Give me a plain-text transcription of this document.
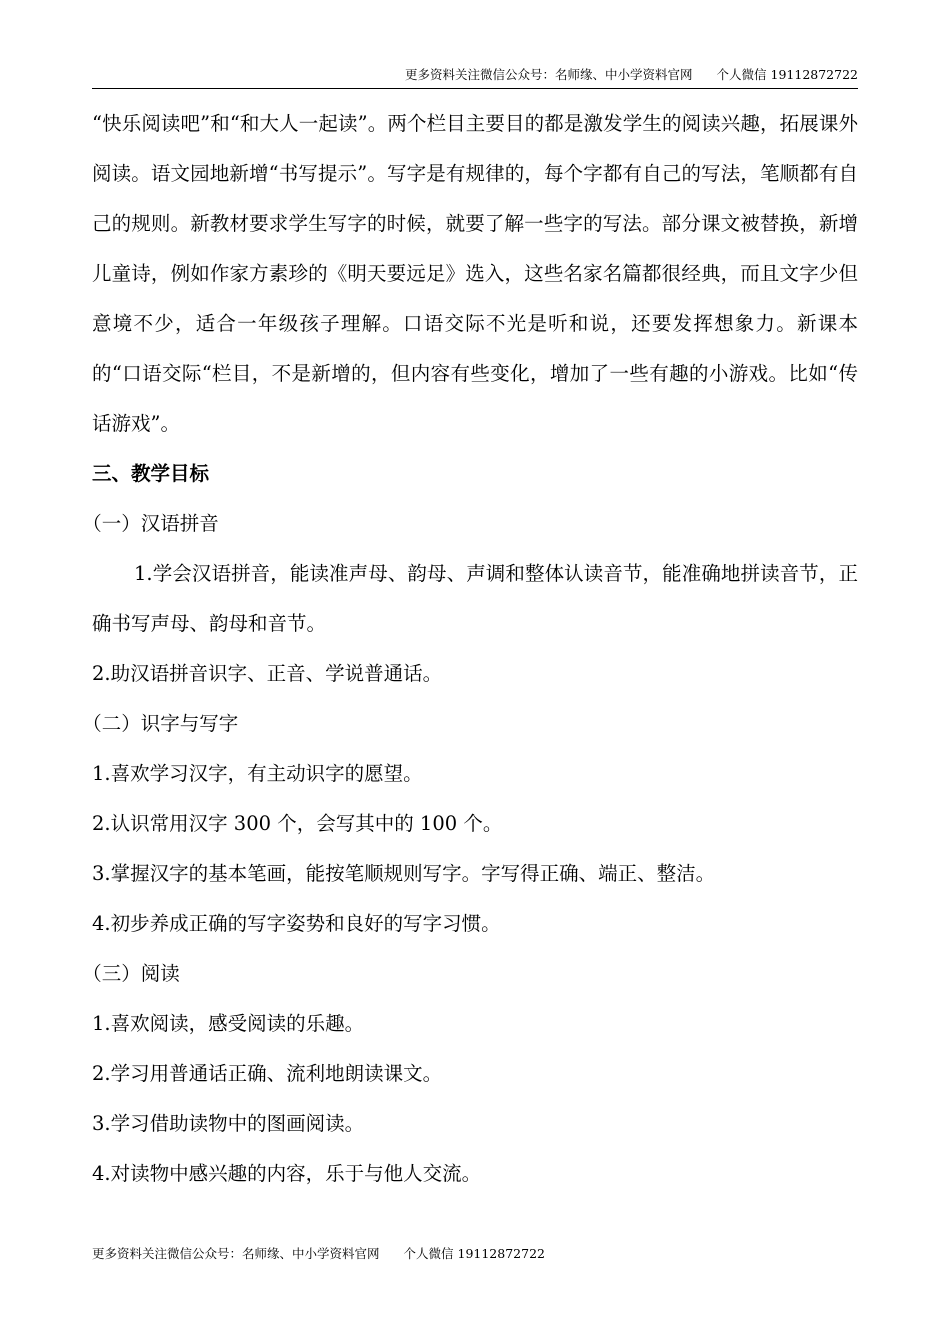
更多资料关注微信公众号：名师缘、中小学资料官网 个人微信 19112872722

“快乐阅读吧”和“和大人一起读”。两个栏目主要目的都是激发学生的阅读兴趣，拓展课外阅读。语文园地新增“书写提示”。写字是有规律的，每个字都有自己的写法，笔顺都有自己的规则。新教材要求学生写字的时候，就要了解一些字的写法。部分课文被替换，新增儿童诗，例如作家方素珍的《明天要远足》选入，这些名家名篇都很经典，而且文字少但意境不少，适合一年级孩子理解。口语交际不光是听和说，还要发挥想象力。新课本的“口语交际“栏目，不是新增的，但内容有些变化，增加了一些有趣的小游戏。比如“传话游戏”。

三、教学目标

（一）汉语拼音

1.学会汉语拼音，能读准声母、韵母、声调和整体认读音节，能准确地拼读音节，正确书写声母、韵母和音节。

2.助汉语拼音识字、正音、学说普通话。

（二）识字与写字

1.喜欢学习汉字，有主动识字的愿望。

2.认识常用汉字 300 个，会写其中的 100 个。

3.掌握汉字的基本笔画，能按笔顺规则写字。字写得正确、端正、整洁。

4.初步养成正确的写字姿势和良好的写字习惯。

（三）阅读

1.喜欢阅读，感受阅读的乐趣。

2.学习用普通话正确、流利地朗读课文。

3.学习借助读物中的图画阅读。

4.对读物中感兴趣的内容，乐于与他人交流。

更多资料关注微信公众号：名师缘、中小学资料官网 个人微信 19112872722
